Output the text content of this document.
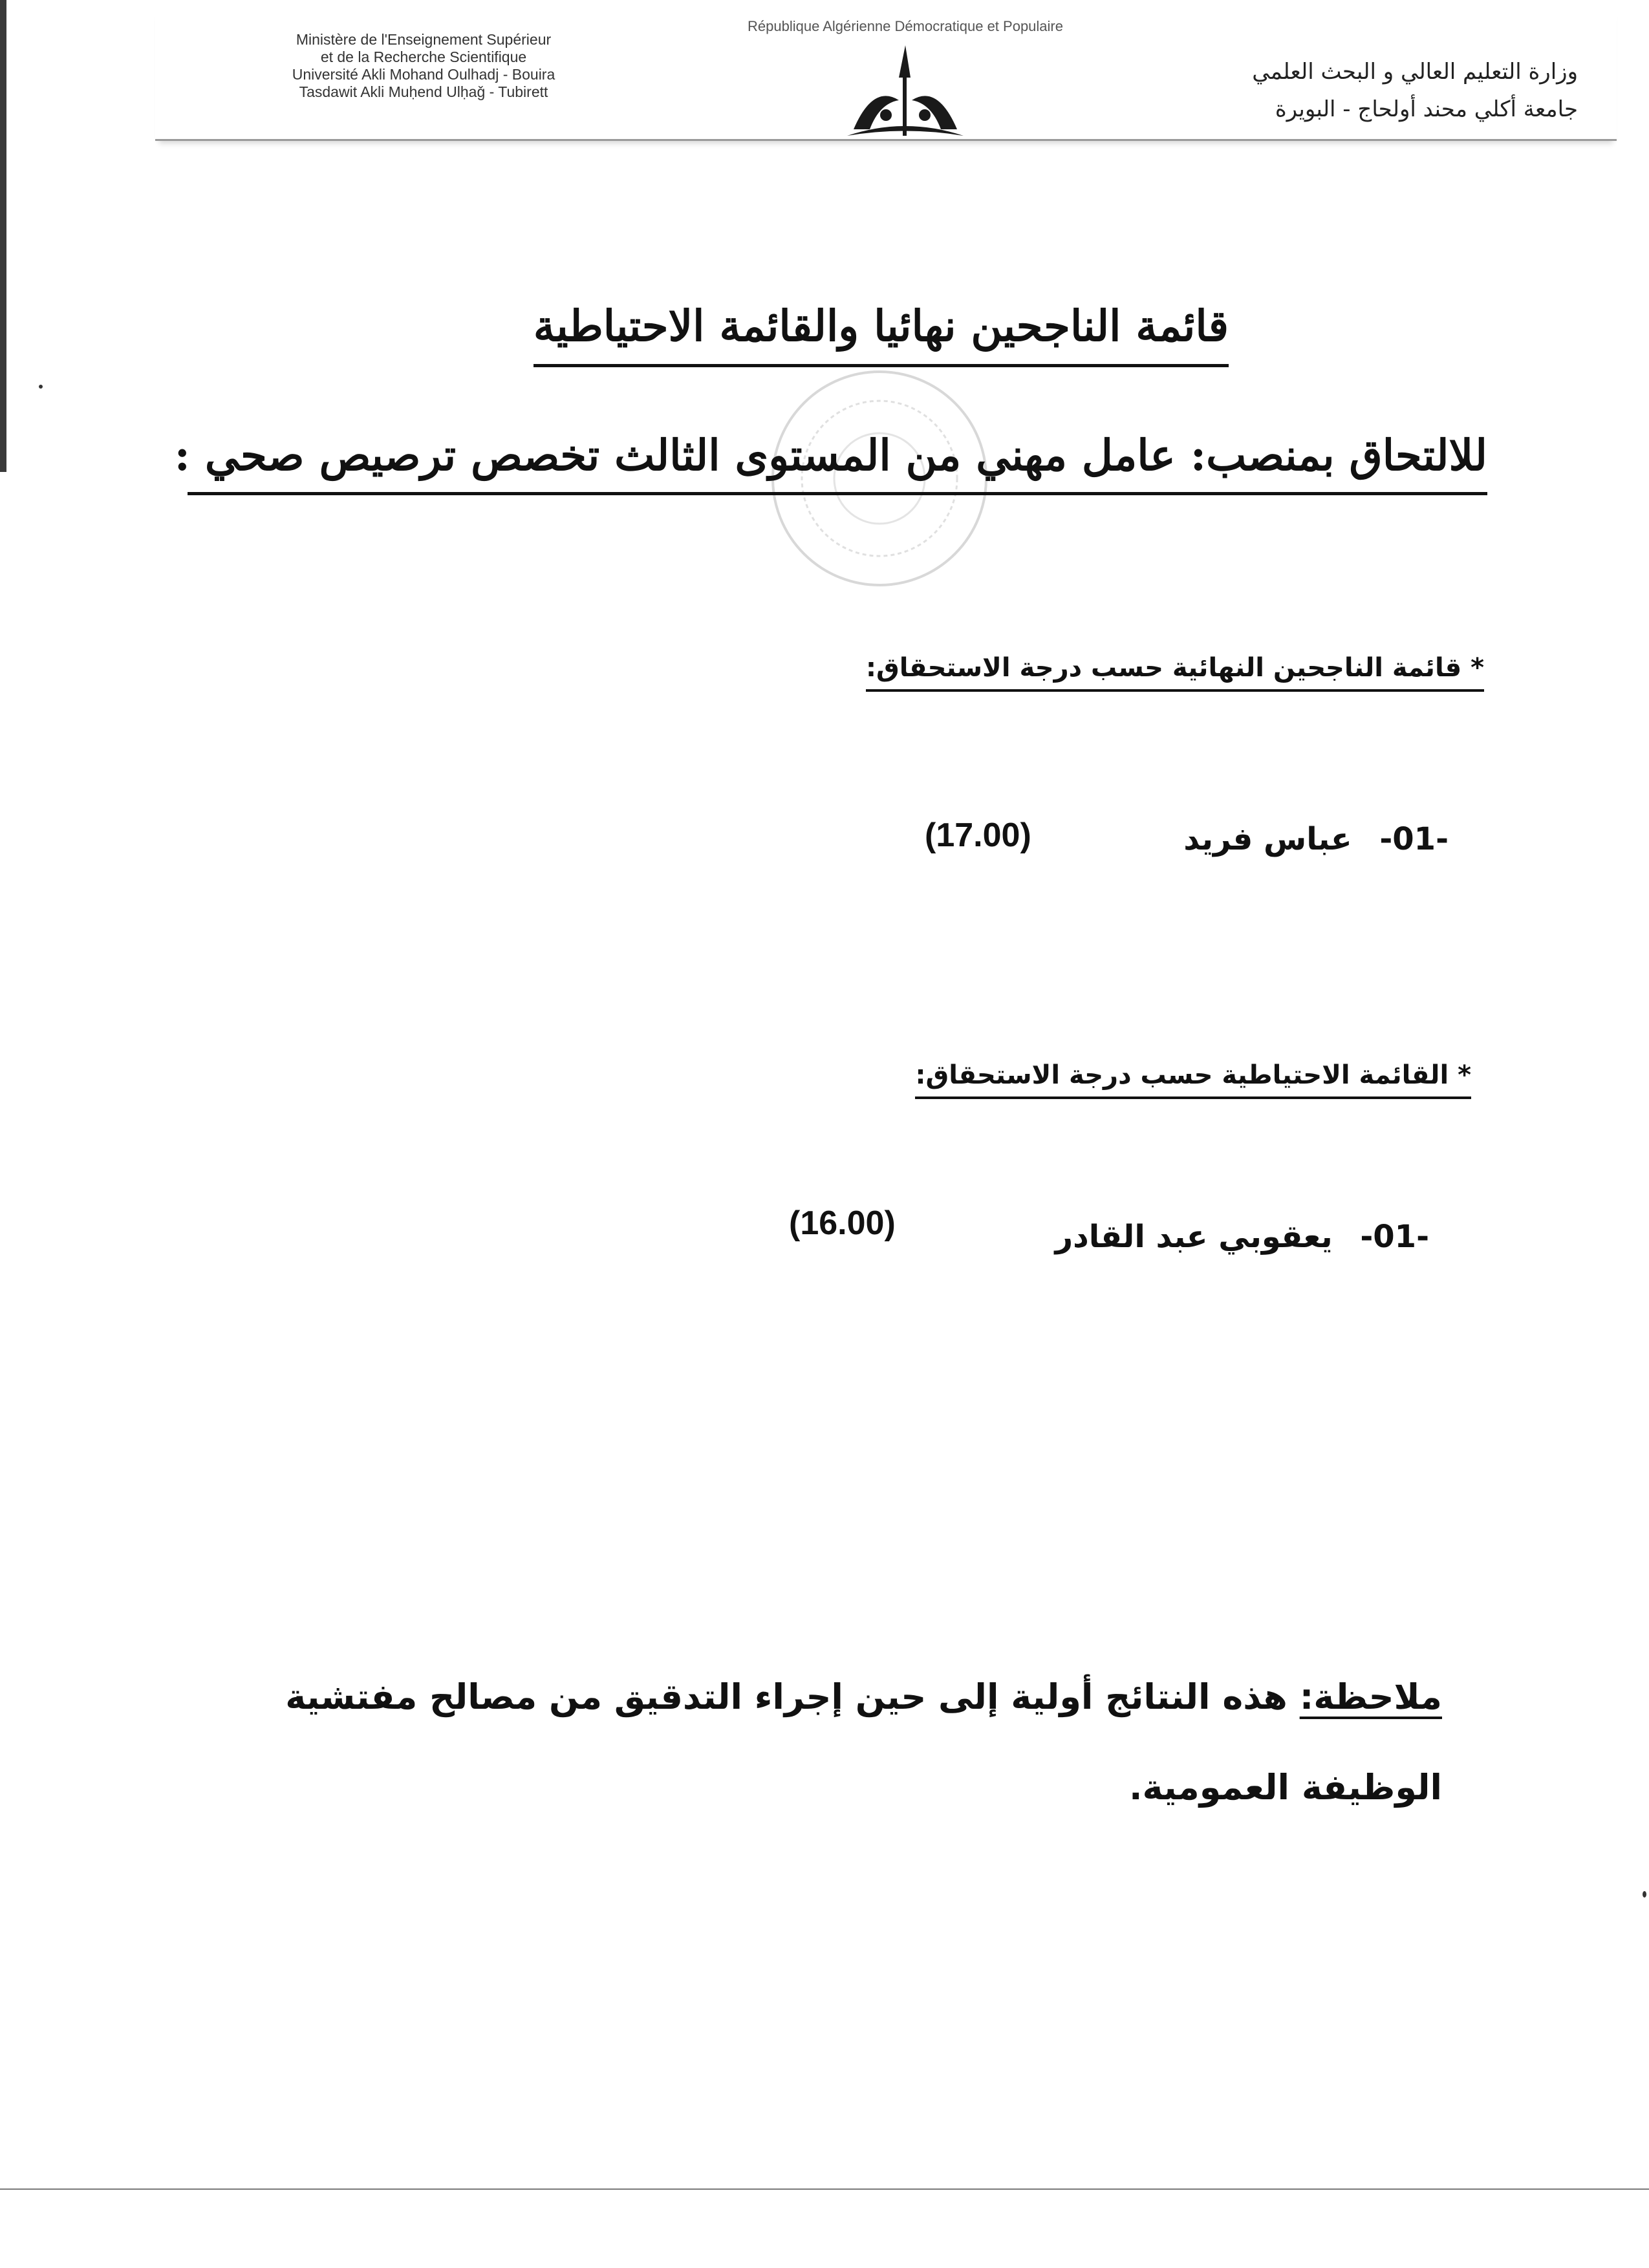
République Algérienne Démocratique et Populaire
Ministère de l'Enseignement Supérieur
et de la Recherche Scientifique
Université Akli Mohand Oulhadj - Bouira
Tasdawit Akli Muḥend Ulḥaǧ - Tubirett
وزارة التعليم العالي و البحث العلمي
جامعة أكلي محند أولحاج - البويرة
قائمة الناجحين نهائيا والقائمة الاحتياطية
للالتحاق بمنصب: عامل مهني من المستوى الثالث تخصص ترصيص صحي :
* قائمة الناجحين النهائية حسب درجة الاستحقاق:
-01- عباس فريد
(17.00)
* القائمة الاحتياطية حسب درجة الاستحقاق:
-01- يعقوبي عبد القادر
(16.00)
ملاحظة: هذه النتائج أولية إلى حين إجراء التدقيق من مصالح مفتشية الوظيفة العمومية.
